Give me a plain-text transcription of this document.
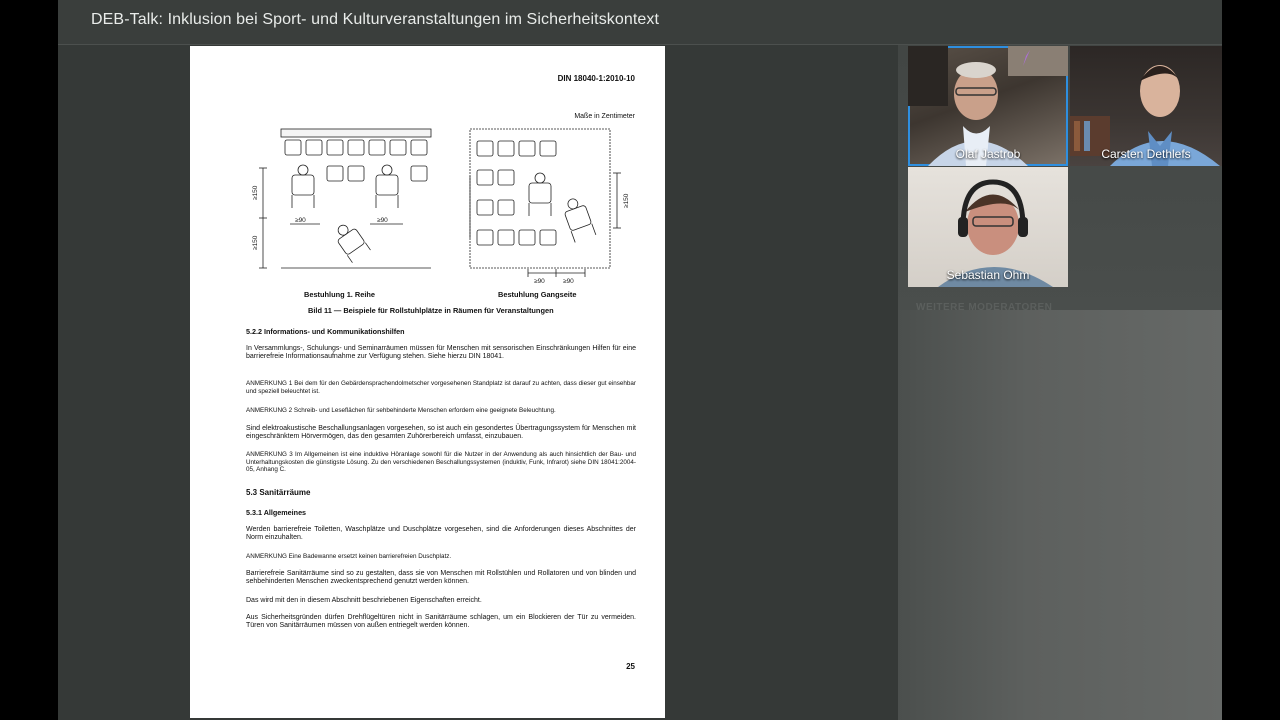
DEB-Talk: Inklusion bei Sport- und Kulturveranstaltungen im Sicherheitskontext
DIN 18040-1:2010-10
Maße in Zentimeter
≥150
≥150
≥90	≥90
≥150
≥90	≥90
Bestuhlung 1. Reihe	Bestuhlung Gangseite
Bild 11 — Beispiele für Rollstuhlplätze in Räumen für Veranstaltungen
5.2.2 Informations- und Kommunikationshilfen
In Versammlungs-, Schulungs- und Seminarräumen müssen für Menschen mit sensorischen Einschränkungen Hilfen für eine barrierefreie Informationsaufnahme zur Verfügung stehen. Siehe hierzu DIN 18041.
ANMERKUNG 1 Bei dem für den Gebärdensprachendolmetscher vorgesehenen Standplatz ist darauf zu achten, dass dieser gut einsehbar und speziell beleuchtet ist.
ANMERKUNG 2 Schreib- und Leseflächen für sehbehinderte Menschen erfordern eine geeignete Beleuchtung.
Sind elektroakustische Beschallungsanlagen vorgesehen, so ist auch ein gesondertes Übertragungssystem für Menschen mit eingeschränktem Hörvermögen, das den gesamten Zuhörerbereich umfasst, einzubauen.
ANMERKUNG 3 Im Allgemeinen ist eine induktive Höranlage sowohl für die Nutzer in der Anwendung als auch hinsichtlich der Bau- und Unterhaltungskosten die günstigste Lösung. Zu den verschiedenen Beschallungssystemen (induktiv, Funk, Infrarot) siehe DIN 18041:2004-05, Anhang C.
5.3 Sanitärräume
5.3.1 Allgemeines
Werden barrierefreie Toiletten, Waschplätze und Duschplätze vorgesehen, sind die Anforderungen dieses Abschnittes der Norm einzuhalten.
ANMERKUNG Eine Badewanne ersetzt keinen barrierefreien Duschplatz.
Barrierefreie Sanitärräume sind so zu gestalten, dass sie von Menschen mit Rollstühlen und Rollatoren und von blinden und sehbehinderten Menschen zweckentsprechend genutzt werden können.
Das wird mit den in diesem Abschnitt beschriebenen Eigenschaften erreicht.
Aus Sicherheitsgründen dürfen Drehflügeltüren nicht in Sanitärräume schlagen, um ein Blockieren der Tür zu vermeiden. Türen von Sanitärräumen müssen von außen entriegelt werden können.
25
Olaf Jastrob	Carsten Dethlefs
Sebastian Ohm
WEITERE MODERATOREN
